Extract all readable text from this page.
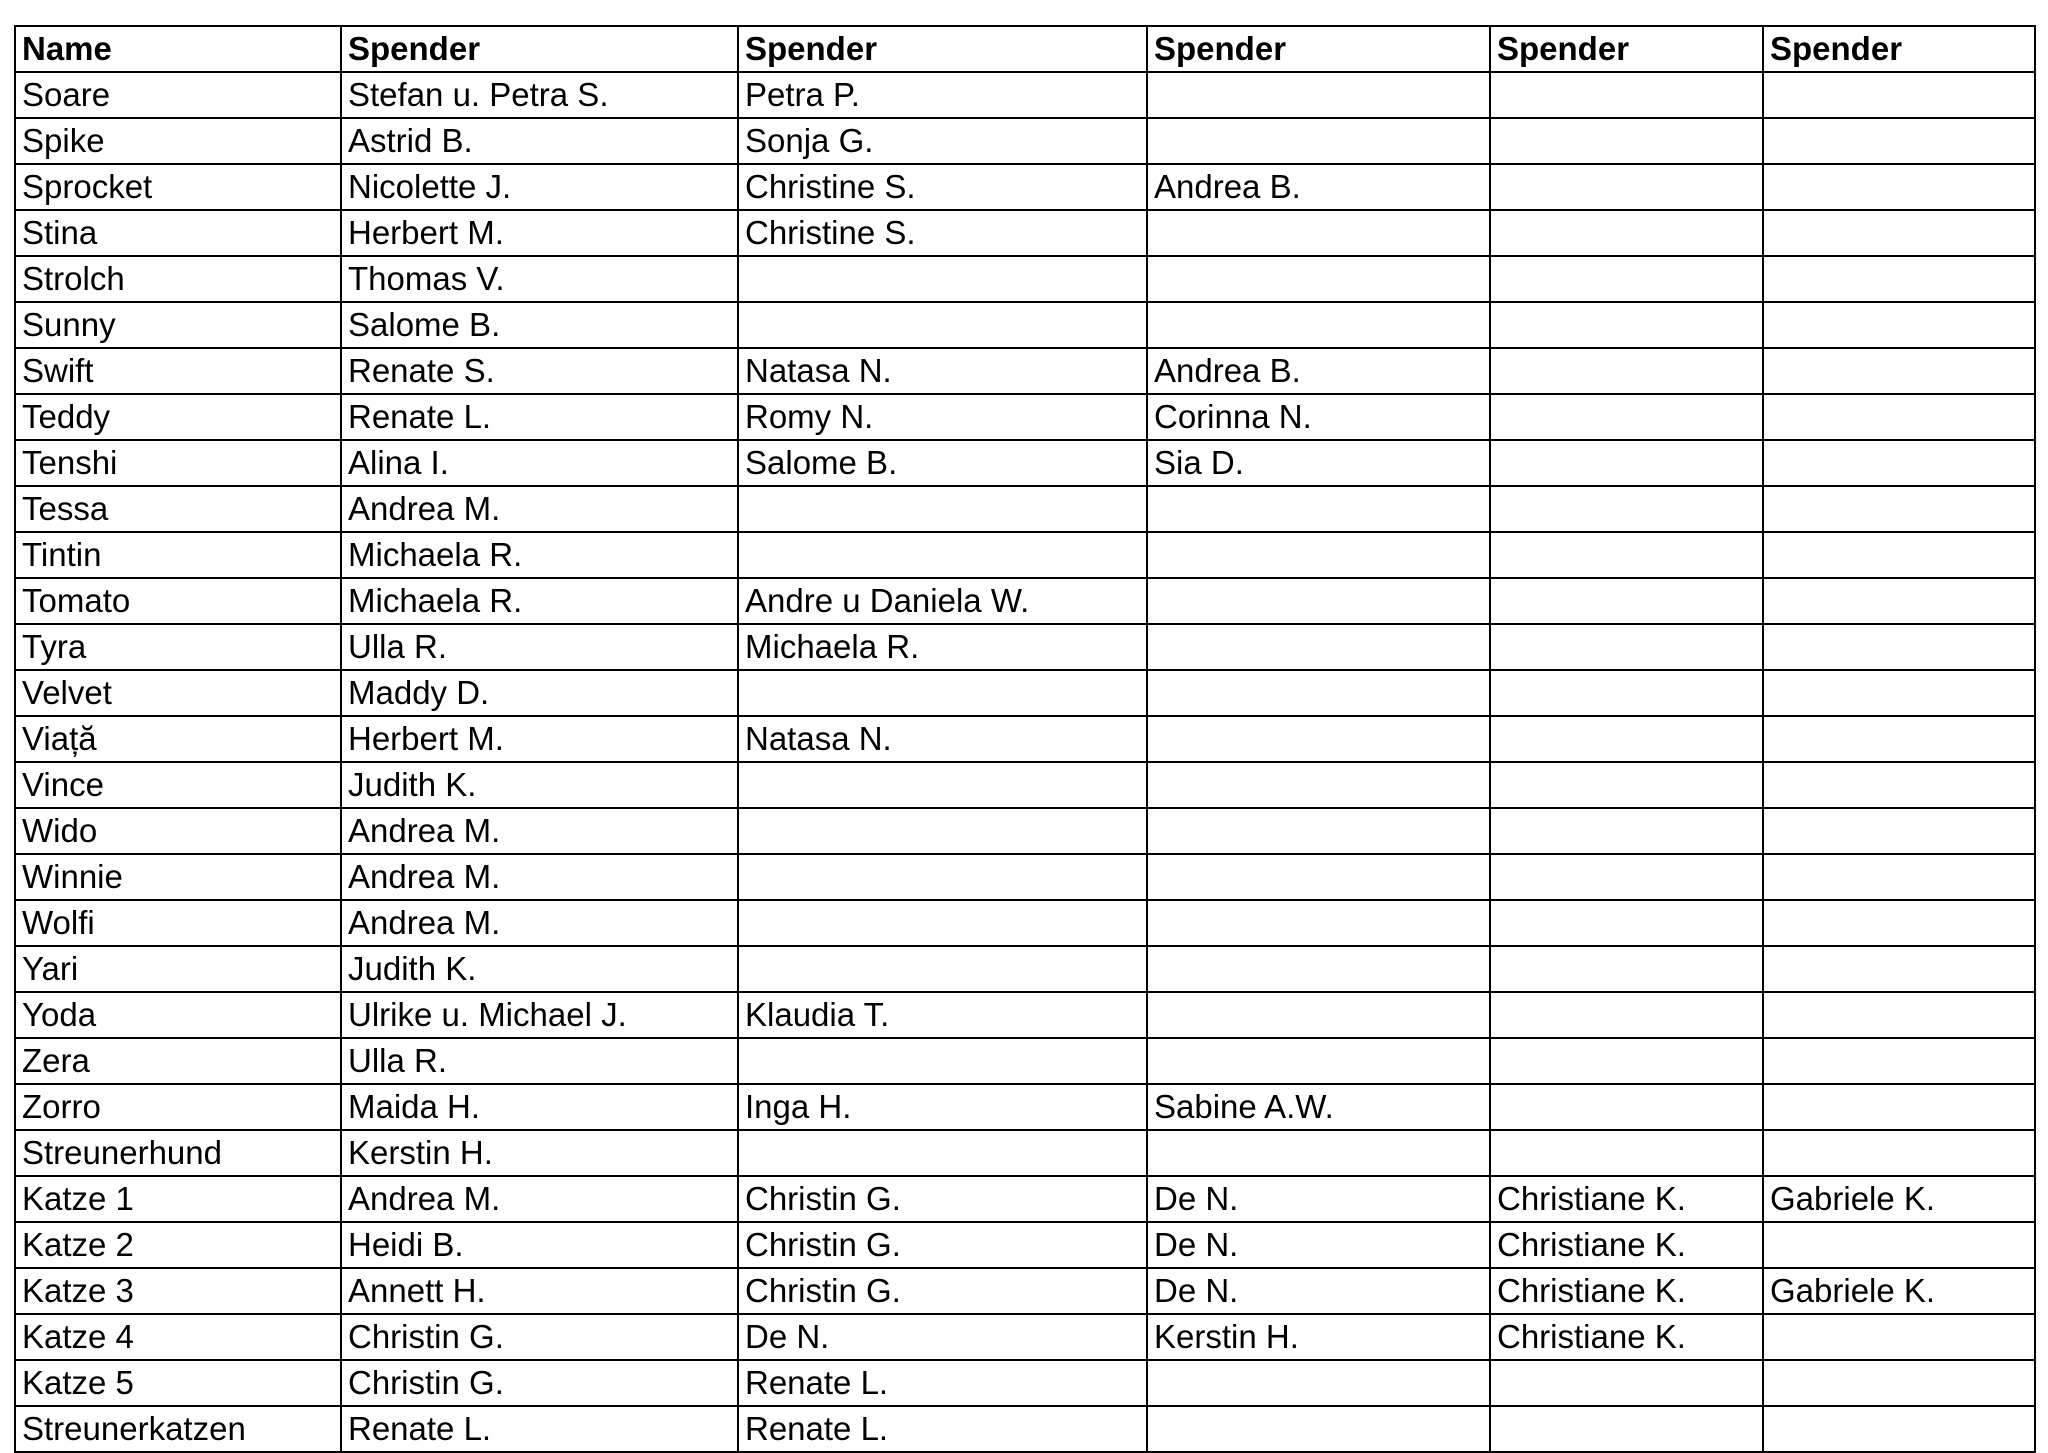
Name	Spender	Spender	Spender	Spender	Spender
Soare	Stefan u. Petra S.	Petra P.			
Spike	Astrid B.	Sonja G.			
Sprocket	Nicolette J.	Christine S.	Andrea B.		
Stina	Herbert M.	Christine S.			
Strolch	Thomas V.				
Sunny	Salome B.				
Swift	Renate S.	Natasa N.	Andrea B.		
Teddy	Renate L.	Romy N.	Corinna N.		
Tenshi	Alina I.	Salome B.	Sia D.		
Tessa	Andrea M.				
Tintin	Michaela R.				
Tomato	Michaela R.	Andre u Daniela W.			
Tyra	Ulla R.	Michaela R.			
Velvet	Maddy D.				
Viață	Herbert M.	Natasa N.			
Vince	Judith K.				
Wido	Andrea M.				
Winnie	Andrea M.				
Wolfi	Andrea M.				
Yari	Judith K.				
Yoda	Ulrike u. Michael J.	Klaudia T.			
Zera	Ulla R.				
Zorro	Maida H.	Inga H.	Sabine A.W.		
Streunerhund	Kerstin H.				
Katze 1	Andrea M.	Christin G.	De N.	Christiane K.	Gabriele K.
Katze 2	Heidi B.	Christin G.	De N.	Christiane K.	
Katze 3	Annett H.	Christin G.	De N.	Christiane K.	Gabriele K.
Katze 4	Christin G.	De N.	Kerstin H.	Christiane K.	
Katze 5	Christin G.	Renate L.			
Streunerkatzen	Renate L.	Renate L.			
